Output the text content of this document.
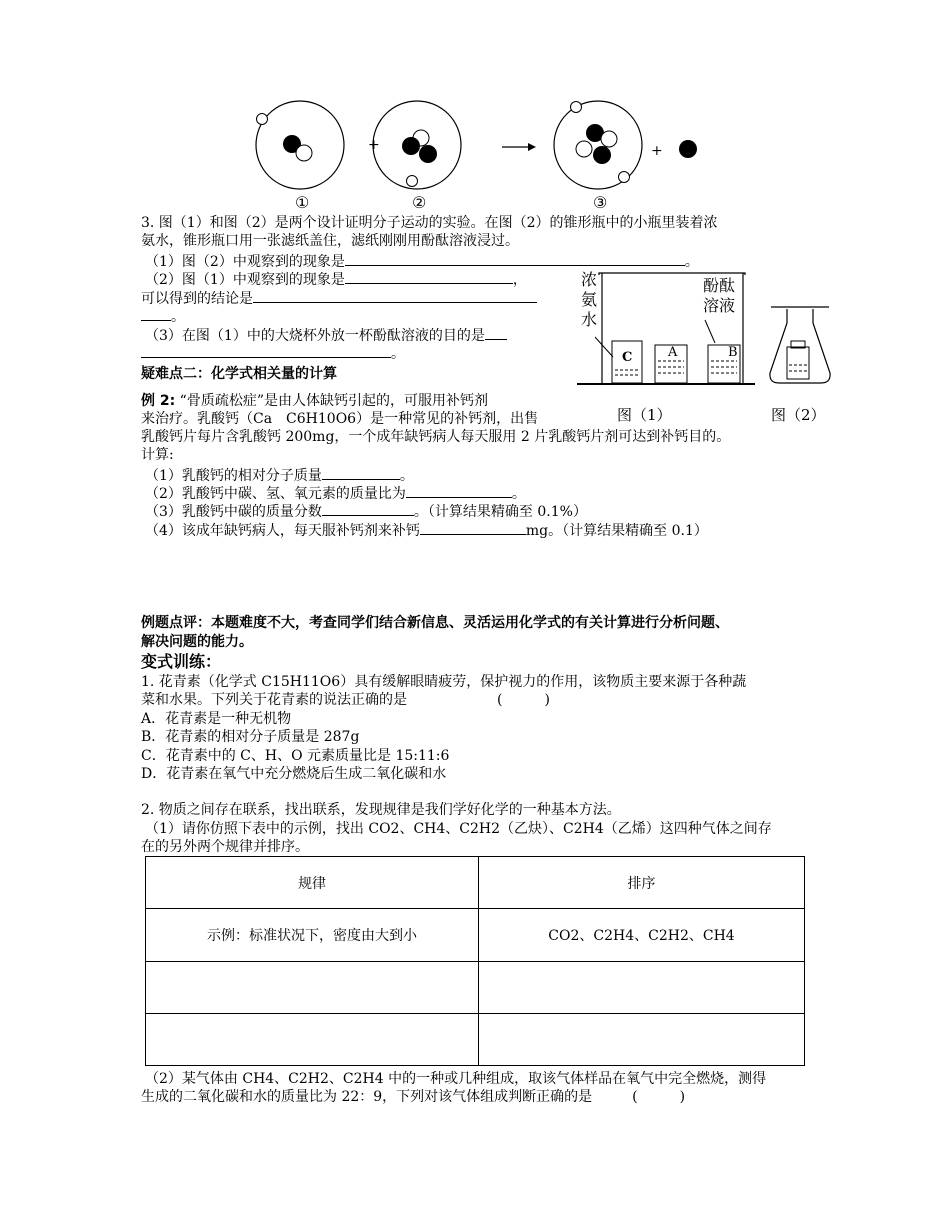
+	+
①	②	③
3. 图（1）和图（2）是两个设计证明分子运动的实验。在图（2）的锥形瓶中的小瓶里装着浓
氨水，锥形瓶口用一张滤纸盖住，滤纸刚刚用酚酞溶液浸过。
（1）图（2）中观察到的现象是	。
（2）图（1）中观察到的现象是	，
可以得到的结论是
。
（3）在图（1）中的大烧杯外放一杯酚酞溶液的目的是
。
浓
氨
水
酚酞
溶液
C	A	B
图（1）	图（2）
疑难点二：化学式相关量的计算
例 2: “骨质疏松症”是由人体缺钙引起的，可服用补钙剂
来治疗。乳酸钙（Ca　C6H10O6）是一种常见的补钙剂，出售
乳酸钙片每片含乳酸钙 200mg，一个成年缺钙病人每天服用 2 片乳酸钙片剂可达到补钙目的。
计算:
（1）乳酸钙的相对分子质量	。
（2）乳酸钙中碳、氢、氧元素的质量比为	。
（3）乳酸钙中碳的质量分数	。（计算结果精确至 0.1%）
（4）该成年缺钙病人，每天服补钙剂来补钙	mg。（计算结果精确至 0.1）
例题点评：本题难度不大，考查同学们结合新信息、灵活运用化学式的有关计算进行分析问题、
解决问题的能力。
变式训练：
1. 花青素（化学式 C15H11O6）具有缓解眼睛疲劳，保护视力的作用，该物质主要来源于各种蔬
菜和水果。下列关于花青素的说法正确的是	(　　　)
A．花青素是一种无机物
B．花青素的相对分子质量是 287g
C．花青素中的 C、H、O 元素质量比是 15:11:6
D．花青素在氧气中充分燃烧后生成二氧化碳和水
2. 物质之间存在联系，找出联系，发现规律是我们学好化学的一种基本方法。
（1）请你仿照下表中的示例，找出 CO2、CH4、C2H2（乙炔）、C2H4（乙烯）这四种气体之间存
在的另外两个规律并排序。
规律	排序
示例：标准状况下，密度由大到小	CO2、C2H4、C2H2、CH4

（2）某气体由 CH4、C2H2、C2H4 中的一种或几种组成，取该气体样品在氧气中完全燃烧，测得
生成的二氧化碳和水的质量比为 22：9，下列对该气体组成判断正确的是	(　　　)
